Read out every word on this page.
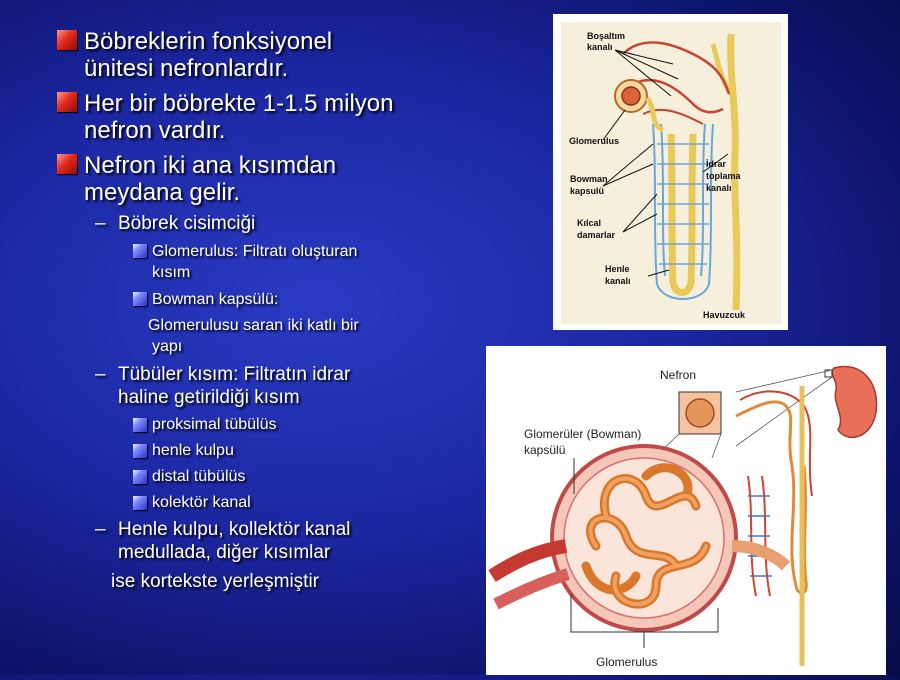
Böbreklerin fonksiyonel
ünitesi nefronlardır.
Her bir böbrekte 1-1.5 milyon
nefron vardır.
Nefron iki ana kısımdan
meydana gelir.
– Böbrek cisimciği
Glomerulus: Filtratı oluşturan
kısım
Bowman kapsülü:
Glomerulusu saran iki katlı bir
yapı
– Tübüler kısım: Filtratın idrar
haline getirildiği kısım
proksimal tübülüs
henle kulpu
distal tübülüs
kolektör kanal
– Henle kulpu, kollektör kanal
medullada, diğer kısımlar
ise kortekste yerleşmiştir
Boşaltım
kanalı
Glomerulus
Bowman
kapsulü
Kılcal
damarlar
Henle
kanalı
İdrar
toplama
kanalı
Havuzcuk
Nefron
Glomerüler (Bowman)
kapsülü
Glomerulus
